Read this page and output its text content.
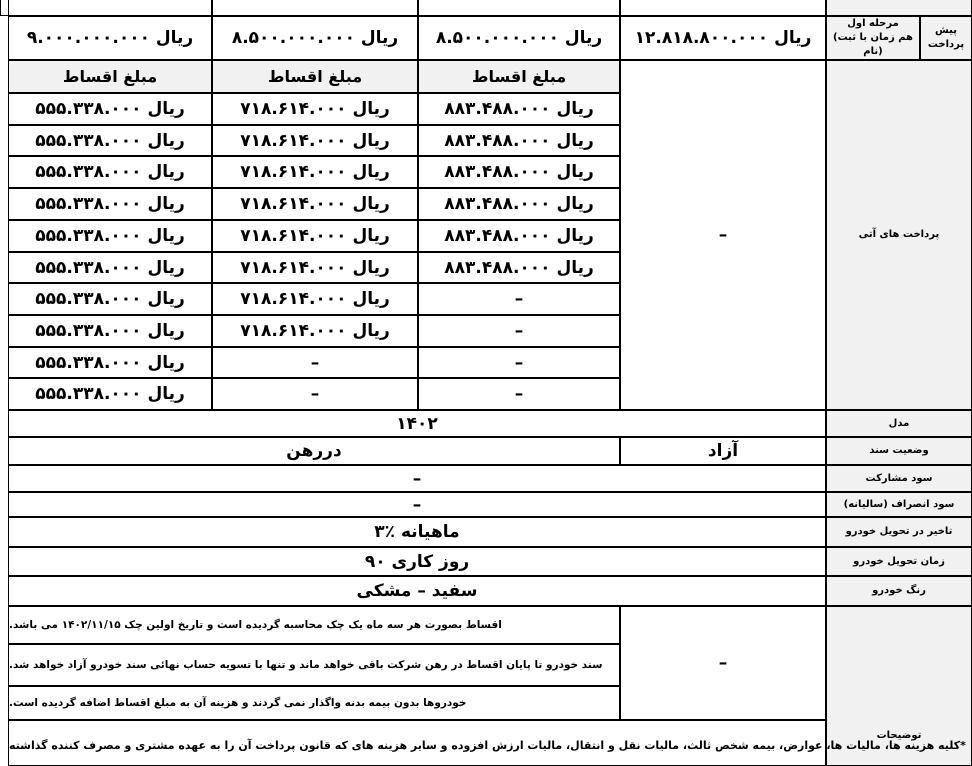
پیش پرداخت
مرحله اول
(هم زمان با ثبت نام)
۱۲.۸۱۸.۸۰۰.۰۰۰ ریال
۸.۵۰۰.۰۰۰.۰۰۰ ریال
۸.۵۰۰.۰۰۰.۰۰۰ ریال
۹.۰۰۰.۰۰۰.۰۰۰ ریال
پرداخت های آتی
–
مبلغ اقساط
مبلغ اقساط
مبلغ اقساط
۸۸۳.۴۸۸.۰۰۰ ریال
۸۸۳.۴۸۸.۰۰۰ ریال
۸۸۳.۴۸۸.۰۰۰ ریال
۸۸۳.۴۸۸.۰۰۰ ریال
۸۸۳.۴۸۸.۰۰۰ ریال
۸۸۳.۴۸۸.۰۰۰ ریال
–
–
–
–
۷۱۸.۶۱۴.۰۰۰ ریال
۷۱۸.۶۱۴.۰۰۰ ریال
۷۱۸.۶۱۴.۰۰۰ ریال
۷۱۸.۶۱۴.۰۰۰ ریال
۷۱۸.۶۱۴.۰۰۰ ریال
۷۱۸.۶۱۴.۰۰۰ ریال
۷۱۸.۶۱۴.۰۰۰ ریال
۷۱۸.۶۱۴.۰۰۰ ریال
–
–
۵۵۵.۳۳۸.۰۰۰ ریال
۵۵۵.۳۳۸.۰۰۰ ریال
۵۵۵.۳۳۸.۰۰۰ ریال
۵۵۵.۳۳۸.۰۰۰ ریال
۵۵۵.۳۳۸.۰۰۰ ریال
۵۵۵.۳۳۸.۰۰۰ ریال
۵۵۵.۳۳۸.۰۰۰ ریال
۵۵۵.۳۳۸.۰۰۰ ریال
۵۵۵.۳۳۸.۰۰۰ ریال
۵۵۵.۳۳۸.۰۰۰ ریال
مدل
۱۴۰۲
وضعیت سند
آزاد
دررهن
سود مشارکت
–
سود انصراف (سالیانه)
–
تاخیر در تحویل خودرو
۳٪ ماهیانه
زمان تحویل خودرو
۹۰ روز کاری
رنگ خودرو
سفید – مشکی
توضیحات
–
اقساط بصورت هر سه ماه یک چک محاسبه گردیده است و تاریخ اولین چک ۱۴۰۲/۱۱/۱۵ می باشد.
سند خودرو تا پایان اقساط در رهن شرکت باقی خواهد ماند و تنها با تسویه حساب نهائی سند خودرو آزاد خواهد شد.
خودروها بدون بیمه بدنه واگذار نمی گردند و هزینه آن به مبلغ اقساط اضافه گردیده است.
*کلیه هزینه ها، مالیات ها، عوارض، بیمه شخص ثالث، مالیات نقل و انتقال، مالیات ارزش افزوده و سایر هزینه های که قانون پرداخت آن را به عهده مشتری و مصرف کننده گذاشته
